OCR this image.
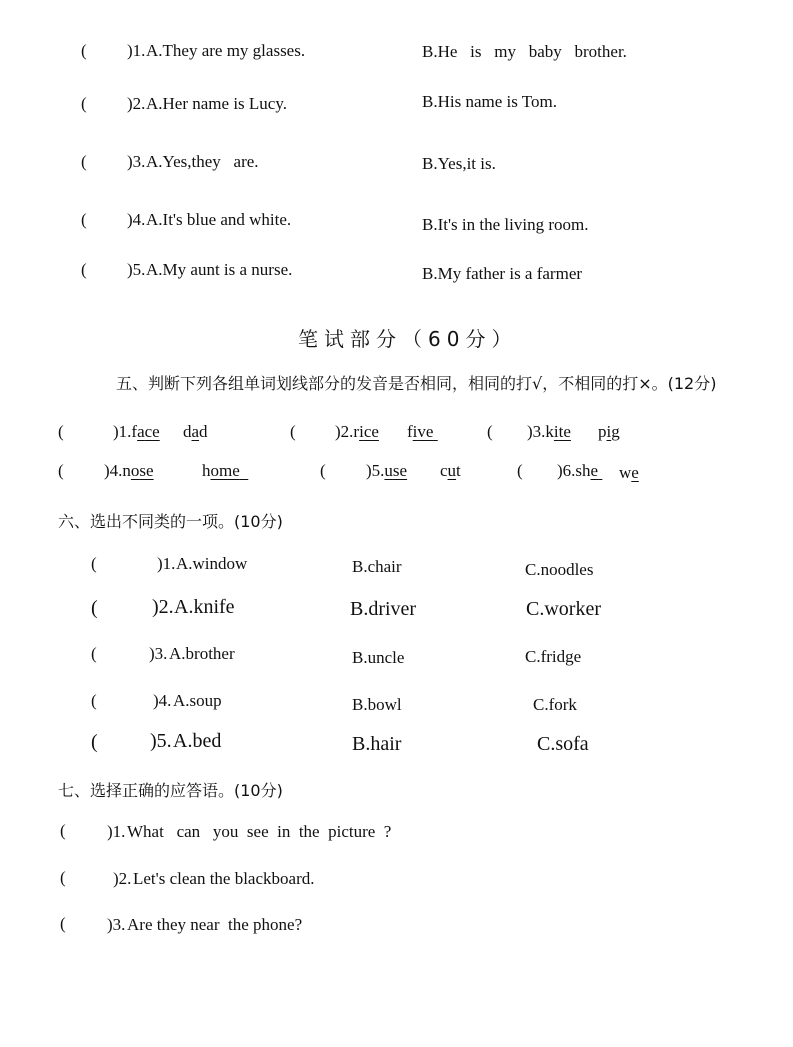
( )1. A.They are my glasses.	B.He   is   my   baby   brother.
( )2. A.Her name is Lucy.	B.His name is Tom.
( )3. A.Yes,they   are.	B.Yes,it is.
( )4. A.It's blue and white.	B.It's in the living room.
( )5. A.My aunt is a nurse.	B.My father is a farmer
笔试部分（60分）
五、判断下列各组单词划线部分的发音是否相同，相同的打√，不相同的打×。(12分)
(	)1.face dad	( )2.rice five	( )3.kite pig
( )4.nose	home	( )5.use cut	( )6.she we
六、选出不同类的一项。(10分)
(	)1. A.window	B.chair	C.noodles
(	)2. A.knife	B.driver	C.worker
(	)3. A.brother	B.uncle	C.fridge
(	)4. A.soup	B.bowl	C.fork
(	)5. A.bed	B.hair	C.sofa
七、选择正确的应答语。(10分)
( )1. What   can   you  see  in  the  picture  ?
(	)2. Let's clean the blackboard.
( )3. Are they near  the phone?
